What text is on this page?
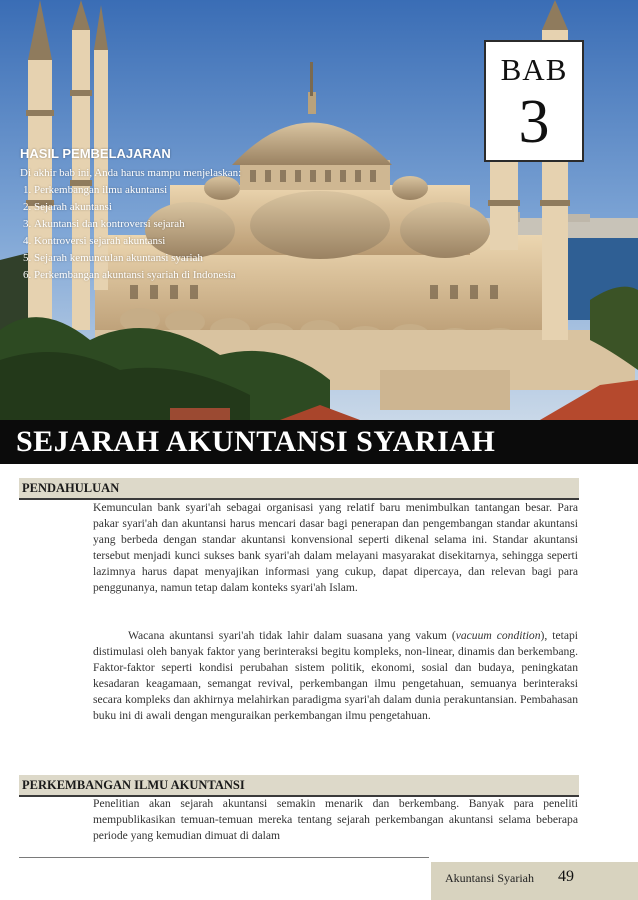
BAB
3

HASIL PEMBELAJARAN

Di akhir bab ini, Anda harus mampu menjelaskan:

1. Perkembangan ilmu akuntansi
2. Sejarah akuntansi
3. Akuntansi dan kontroversi sejarah
4. Kontroversi sejarah akuntansi
5. Sejarah kemunculan akuntansi syariah
6. Perkembangan akuntansi syariah di Indonesia
SEJARAH AKUNTANSI SYARIAH
PENDAHULUAN

Kemunculan bank syari'ah sebagai organisasi yang relatif baru menimbulkan tantangan besar. Para pakar syari'ah dan akuntansi harus mencari dasar bagi penerapan dan pengembangan standar akuntansi yang berbeda dengan standar akuntansi konvensional seperti dikenal selama ini. Standar akuntansi tersebut menjadi kunci sukses bank syari'ah dalam melayani masyarakat disekitarnya, sehingga seperti lazimnya harus dapat menyajikan informasi yang cukup, dapat dipercaya, dan relevan bagi para penggunanya, namun tetap dalam konteks syari'ah Islam.

Wacana akuntansi syari'ah tidak lahir dalam suasana yang vakum (vacuum condition), tetapi distimulasi oleh banyak faktor yang berinteraksi begitu kompleks, non-linear, dinamis dan berkembang. Faktor-faktor seperti kondisi perubahan sistem politik, ekonomi, sosial dan budaya, peningkatan kesadaran keagamaan, semangat revival, perkembangan ilmu pengetahuan, semuanya berinteraksi secara kompleks dan akhirnya melahirkan paradigma syari'ah dalam dunia perakuntansian. Pembahasan buku ini di awali dengan menguraikan perkembangan ilmu pengetahuan.

PERKEMBANGAN ILMU AKUNTANSI

Penelitian akan sejarah akuntansi semakin menarik dan berkembang. Banyak para peneliti mempublikasikan temuan-temuan mereka tentang sejarah perkembangan akuntansi selama beberapa periode yang kemudian dimuat di dalam

Akuntansi Syariah 49
